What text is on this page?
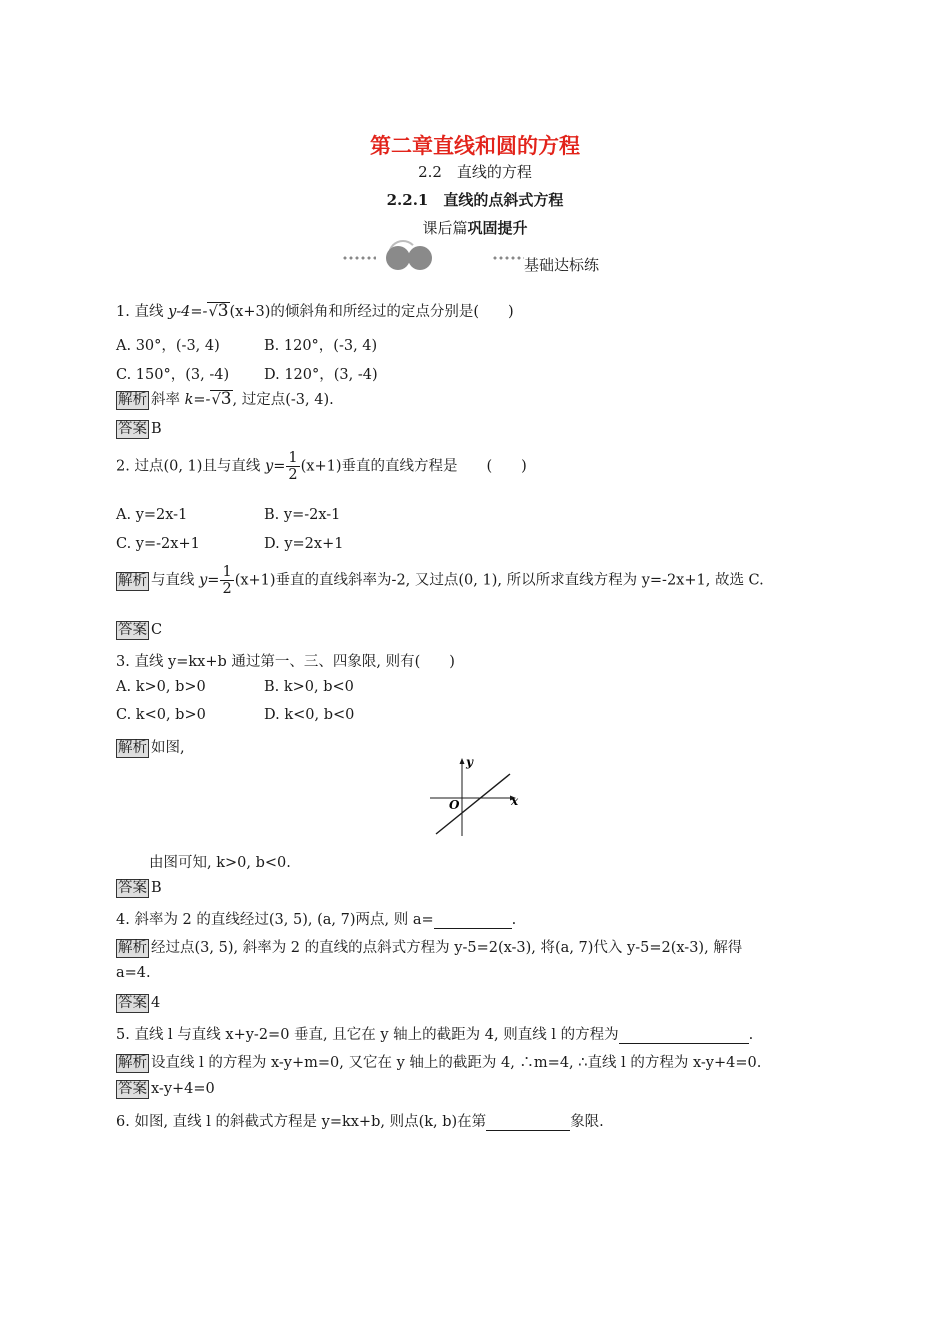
第二章直线和圆的方程
2.2　直线的方程
2.2.1　直线的点斜式方程
课后篇巩固提升
基础达标练
1. 直线 y-4=-√3(x+3)的倾斜角和所经过的定点分别是(　　)
A. 30°，(-3, 4)	B. 120°，(-3, 4)
C. 150°，(3, -4) D. 120°，(3, -4)
解析 斜率 k=-√3, 过定点(-3, 4).
答案 B
2. 过点(0, 1)且与直线 $y= \frac{1}{2} (x+1)$垂直的直线方程是　　(　　)
A. y=2x-1	B. y=-2x-1
C. y=-2x+1	D. y=2x+1
解析 与直线 $y= \frac{1}{2} (x+1)$垂直的直线斜率为-2, 又过点(0, 1), 所以所求直线方程为 y=-2x+1, 故选 C.
答案 C
3. 直线 y=kx+b 通过第一、三、四象限, 则有(　　)
A. k>0, b>0	B. k>0, b<0
C. k<0, b>0	D. k<0, b<0
解析 如图,
x
y
O
由图可知, k>0, b<0.
答案 B
4. 斜率为 2 的直线经过(3, 5), (a, 7)两点, 则 a=	.
解析 经过点(3, 5), 斜率为 2 的直线的点斜式方程为 y-5=2(x-3), 将(a, 7)代入 y-5=2(x-3), 解得
a=4.
答案 4
5. 直线 l 与直线 x+y-2=0 垂直, 且它在 y 轴上的截距为 4, 则直线 l 的方程为	.
解析 设直线 l 的方程为 x-y+m=0, 又它在 y 轴上的截距为 4, ∴m=4, ∴直线 l 的方程为 x-y+4=0.
答案 x-y+4=0
6. 如图, 直线 l 的斜截式方程是 y=kx+b, 则点(k, b)在第	象限.
